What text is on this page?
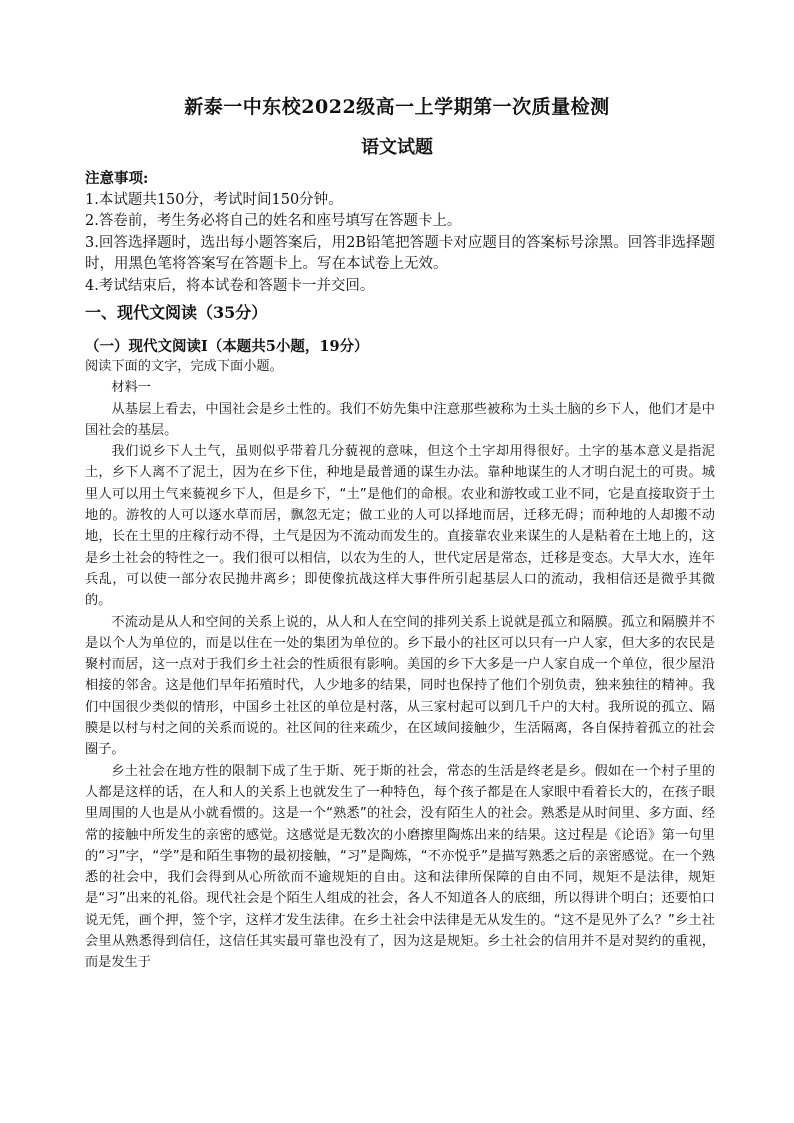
新泰一中东校2022级高一上学期第一次质量检测
语文试题
注意事项:
1.本试题共150分，考试时间150分钟。
2.答卷前，考生务必将自己的姓名和座号填写在答题卡上。
3.回答选择题时，选出每小题答案后，用2B铅笔把答题卡对应题目的答案标号涂黑。回答非选择题时，用黑色笔将答案写在答题卡上。写在本试卷上无效。
4.考试结束后，将本试卷和答题卡一并交回。
一、现代文阅读（35分）
（一）现代文阅读Ⅰ（本题共5小题，19分）

阅读下面的文字，完成下面小题。

材料一

从基层上看去，中国社会是乡土性的。我们不妨先集中注意那些被称为土头土脑的乡下人，他们才是中国社会的基层。

我们说乡下人土气，虽则似乎带着几分藐视的意味，但这个土字却用得很好。土字的基本意义是指泥土，乡下人离不了泥土，因为在乡下住，种地是最普通的谋生办法。靠种地谋生的人才明白泥土的可贵。城里人可以用土气来藐视乡下人，但是乡下，“土”是他们的命根。农业和游牧或工业不同，它是直接取资于土地的。游牧的人可以逐水草而居，飘忽无定；做工业的人可以择地而居，迁移无碍；而种地的人却搬不动地，长在土里的庄稼行动不得，土气是因为不流动而发生的。直接靠农业来谋生的人是粘着在土地上的，这是乡土社会的特性之一。我们很可以相信，以农为生的人，世代定居是常态，迁移是变态。大旱大水，连年兵乱，可以使一部分农民抛井离乡；即使像抗战这样大事件所引起基层人口的流动，我相信还是微乎其微的。

不流动是从人和空间的关系上说的，从人和人在空间的排列关系上说就是孤立和隔膜。孤立和隔膜并不是以个人为单位的，而是以住在一处的集团为单位的。乡下最小的社区可以只有一户人家，但大多的农民是聚村而居，这一点对于我们乡土社会的性质很有影响。美国的乡下大多是一户人家自成一个单位，很少屋沿相接的邻舍。这是他们早年拓殖时代，人少地多的结果，同时也保持了他们个别负责，独来独往的精神。我们中国很少类似的情形，中国乡土社区的单位是村落，从三家村起可以到几千户的大村。我所说的孤立、隔膜是以村与村之间的关系而说的。社区间的往来疏少，在区域间接触少，生活隔离，各自保持着孤立的社会圈子。

乡土社会在地方性的限制下成了生于斯、死于斯的社会，常态的生活是终老是乡。假如在一个村子里的人都是这样的话，在人和人的关系上也就发生了一种特色，每个孩子都是在人家眼中看着长大的，在孩子眼里周围的人也是从小就看惯的。这是一个“熟悉”的社会，没有陌生人的社会。熟悉是从时间里、多方面、经常的接触中所发生的亲密的感觉。这感觉是无数次的小磨擦里陶炼出来的结果。这过程是《论语》第一句里的“习”字，“学”是和陌生事物的最初接触，“习”是陶炼，“不亦悦乎”是描写熟悉之后的亲密感觉。在一个熟悉的社会中，我们会得到从心所欲而不逾规矩的自由。这和法律所保障的自由不同，规矩不是法律，规矩是“习”出来的礼俗。现代社会是个陌生人组成的社会，各人不知道各人的底细，所以得讲个明白；还要怕口说无凭，画个押，签个字，这样才发生法律。在乡土社会中法律是无从发生的。“这不是见外了么？”乡土社会里从熟悉得到信任，这信任其实最可靠也没有了，因为这是规矩。乡土社会的信用并不是对契约的重视，而是发生于
